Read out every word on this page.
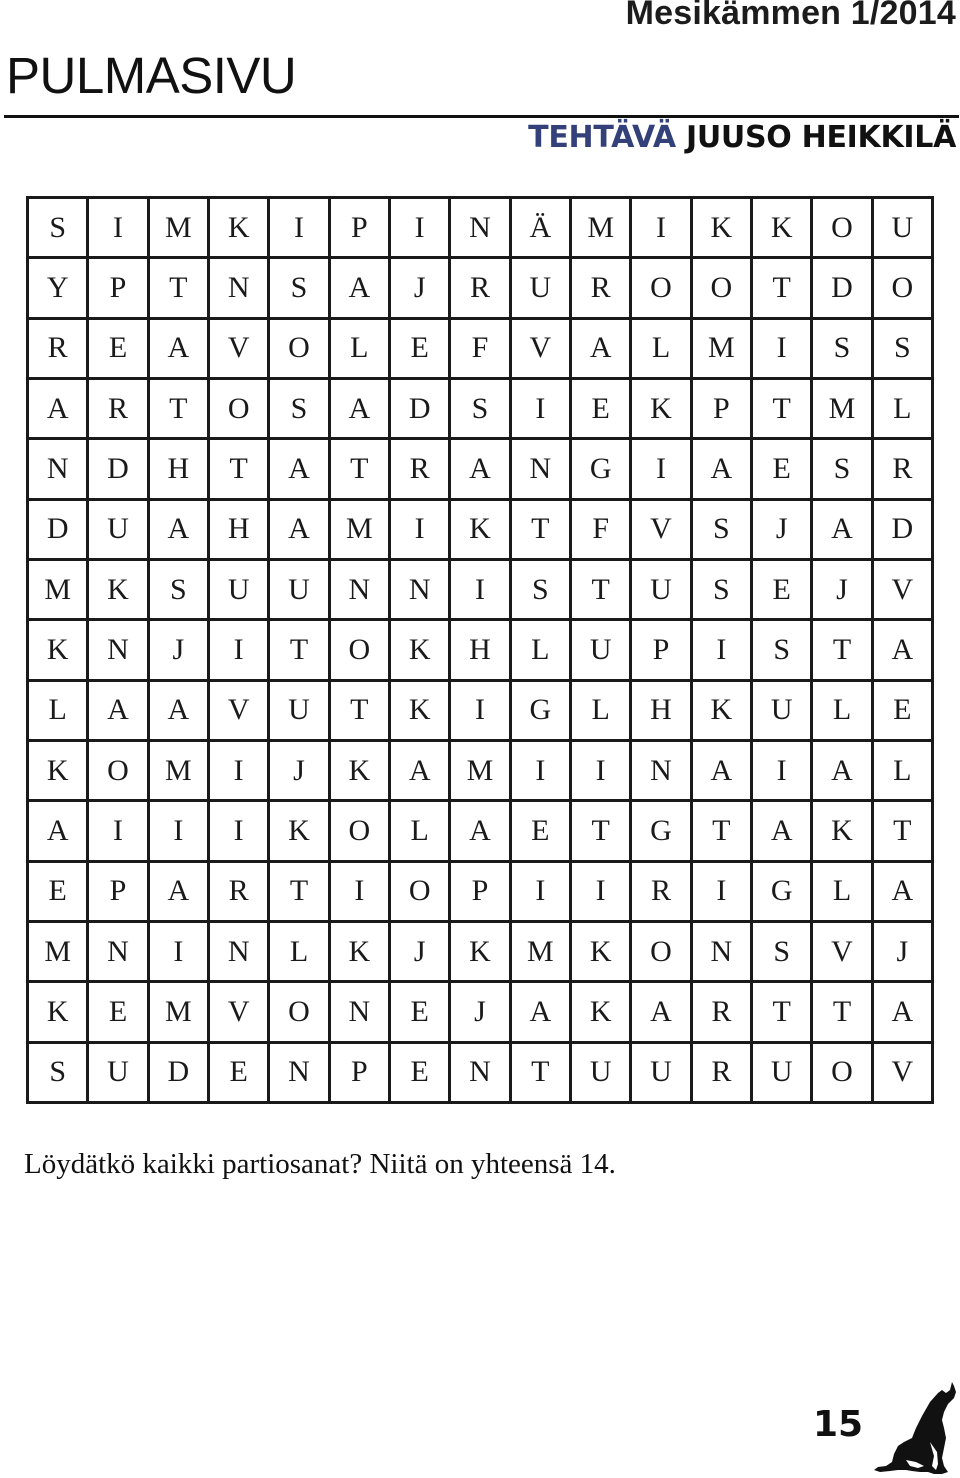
Mesikämmen 1/2014
PULMASIVU
TEHTÄVÄ JUUSO HEIKKILÄ
S	I	M	K	I	P	I	N	Ä	M	I	K	K	O	U
Y	P	T	N	S	A	J	R	U	R	O	O	T	D	O
R	E	A	V	O	L	E	F	V	A	L	M	I	S	S
A	R	T	O	S	A	D	S	I	E	K	P	T	M	L
N	D	H	T	A	T	R	A	N	G	I	A	E	S	R
D	U	A	H	A	M	I	K	T	F	V	S	J	A	D
M	K	S	U	U	N	N	I	S	T	U	S	E	J	V
K	N	J	I	T	O	K	H	L	U	P	I	S	T	A
L	A	A	V	U	T	K	I	G	L	H	K	U	L	E
K	O	M	I	J	K	A	M	I	I	N	A	I	A	L
A	I	I	I	K	O	L	A	E	T	G	T	A	K	T
E	P	A	R	T	I	O	P	I	I	R	I	G	L	A
M	N	I	N	L	K	J	K	M	K	O	N	S	V	J
K	E	M	V	O	N	E	J	A	K	A	R	T	T	A
S	U	D	E	N	P	E	N	T	U	U	R	U	O	V
Löydätkö kaikki partiosanat? Niitä on yhteensä 14.
15
